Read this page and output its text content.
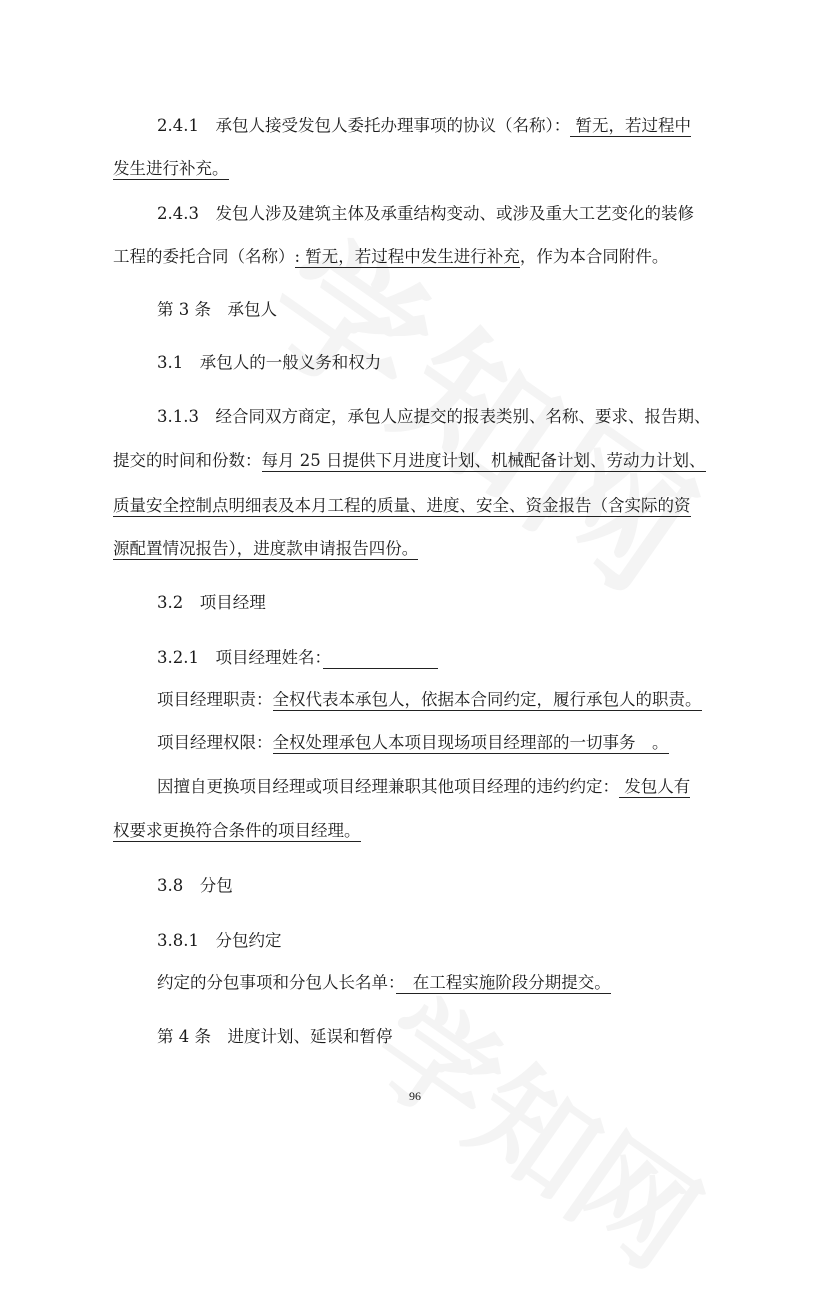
2.4.1　承包人接受发包人委托办理事项的协议（名称）： 暂无，若过程中
发生进行补充。
2.4.3　发包人涉及建筑主体及承重结构变动、或涉及重大工艺变化的装修
工程的委托合同（名称）: 暂无，若过程中发生进行补充，作为本合同附件。
第 3 条　承包人
3.1　承包人的一般义务和权力
3.1.3　经合同双方商定，承包人应提交的报表类别、名称、要求、报告期、
提交的时间和份数：每月 25 日提供下月进度计划、机械配备计划、劳动力计划、
质量安全控制点明细表及本月工程的质量、进度、安全、资金报告（含实际的资
源配置情况报告），进度款申请报告四份。
3.2　项目经理
3.2.1　项目经理姓名：　　　　　　　
项目经理职责：全权代表本承包人，依据本合同约定，履行承包人的职责。
项目经理权限：全权处理承包人本项目现场项目经理部的一切事务　。
因擅自更换项目经理或项目经理兼职其他项目经理的违约约定： 发包人有
权要求更换符合条件的项目经理。
3.8　分包
3.8.1　分包约定
约定的分包事项和分包人长名单：　在工程实施阶段分期提交。
第 4 条　进度计划、延误和暂停
96
